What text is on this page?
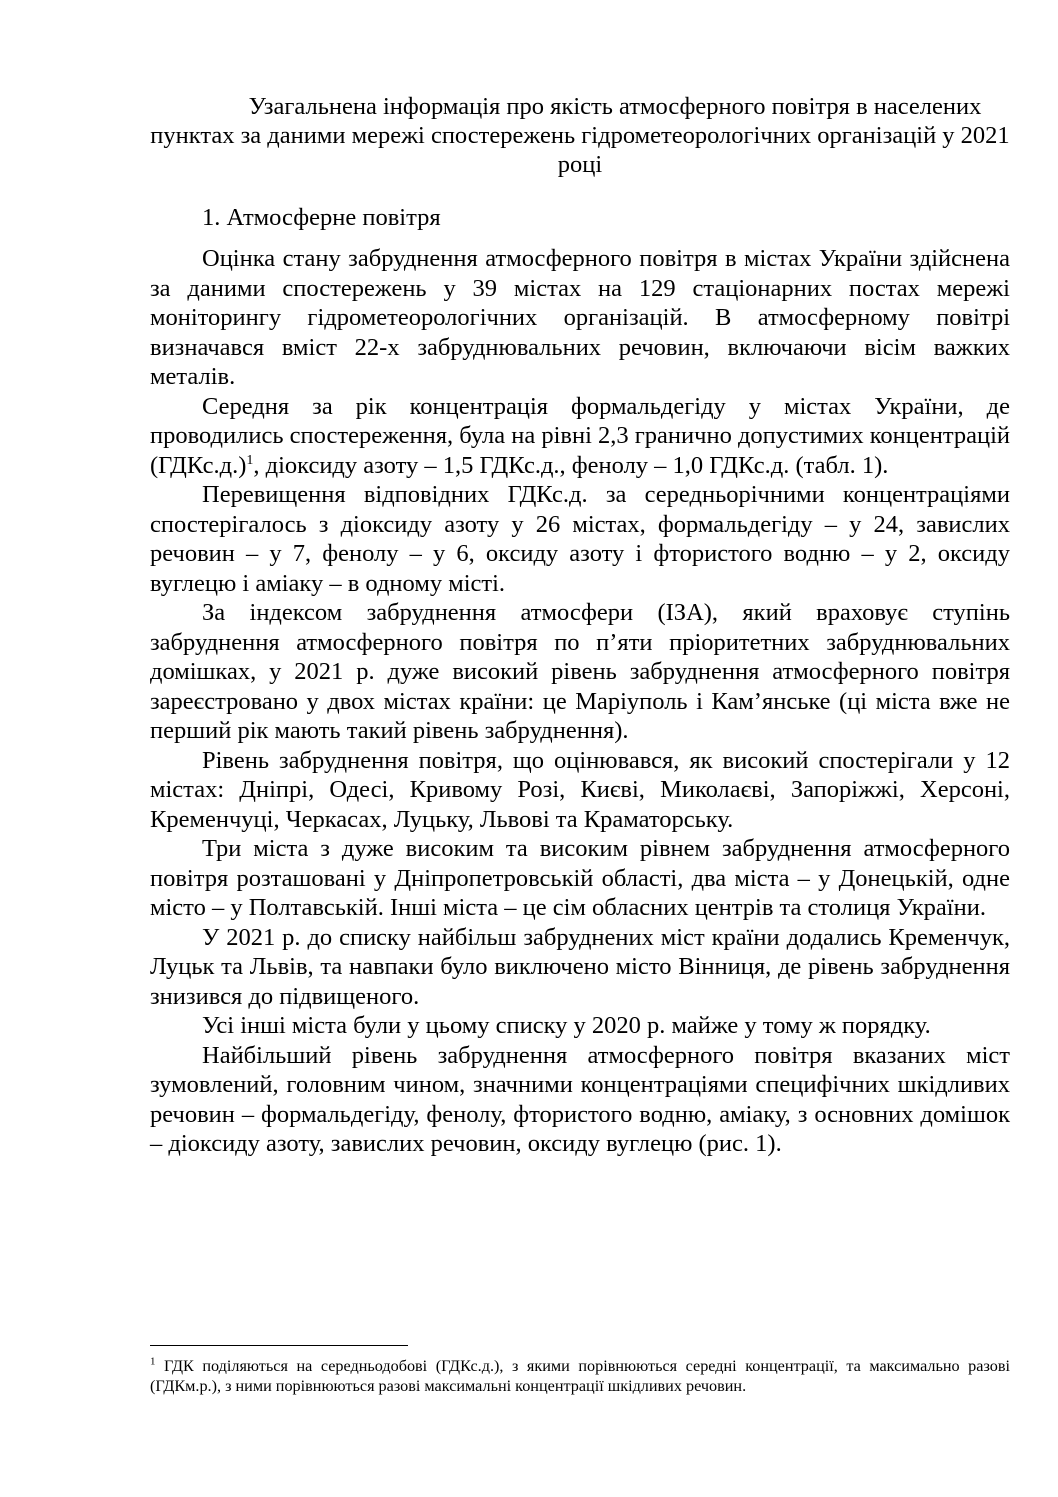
Узагальнена інформація про якість атмосферного повітря в населених пунктах за даними мережі спостережень гідрометеорологічних організацій у 2021 році

1. Атмосферне повітря

Оцінка стану забруднення атмосферного повітря в містах України здійснена за даними спостережень у 39 містах на 129 стаціонарних постах мережі моніторингу гідрометеорологічних організацій. В атмосферному повітрі визначався вміст 22-х забруднювальних речовин, включаючи вісім важких металів.

Середня за рік концентрація формальдегіду у містах України, де проводились спостереження, була на рівні 2,3 гранично допустимих концентрацій (ГДКс.д.)$^1$, діоксиду азоту – 1,5 ГДКс.д., фенолу – 1,0 ГДКс.д. (табл. 1).

Перевищення відповідних ГДКс.д. за середньорічними концентраціями спостерігалось з діоксиду азоту у 26 містах, формальдегіду – у 24, завислих речовин – у 7, фенолу – у 6, оксиду азоту і фтористого водню – у 2, оксиду вуглецю і аміаку – в одному місті.

За індексом забруднення атмосфери (ІЗА), який враховує ступінь забруднення атмосферного повітря по п’яти пріоритетних забруднювальних домішках, у 2021 р. дуже високий рівень забруднення атмосферного повітря зареєстровано у двох містах країни: це Маріуполь і Кам’янське (ці міста вже не перший рік мають такий рівень забруднення).

Рівень забруднення повітря, що оцінювався, як високий спостерігали у 12 містах: Дніпрі, Одесі, Кривому Розі, Києві, Миколаєві, Запоріжжі, Херсоні, Кременчуці, Черкасах, Луцьку, Львові та Краматорську.

Три міста з дуже високим та високим рівнем забруднення атмосферного повітря розташовані у Дніпропетровській області, два міста – у Донецькій, одне місто – у Полтавській. Інші міста – це сім обласних центрів та столиця України.

У 2021 р. до списку найбільш забруднених міст країни додались Кременчук, Луцьк та Львів, та навпаки було виключено місто Вінниця, де рівень забруднення знизився до підвищеного.

Усі інші міста були у цьому списку у 2020 р. майже у тому ж порядку.

Найбільший рівень забруднення атмосферного повітря вказаних міст зумовлений, головним чином, значними концентраціями специфічних шкідливих речовин – формальдегіду, фенолу, фтористого водню, аміаку, з основних домішок – діоксиду азоту, завислих речовин, оксиду вуглецю (рис. 1).

$^1$ ГДК поділяються на середньодобові (ГДКс.д.), з якими порівнюються середні концентрації, та максимально разові (ГДКм.р.), з ними порівнюються разові максимальні концентрації шкідливих речовин.
